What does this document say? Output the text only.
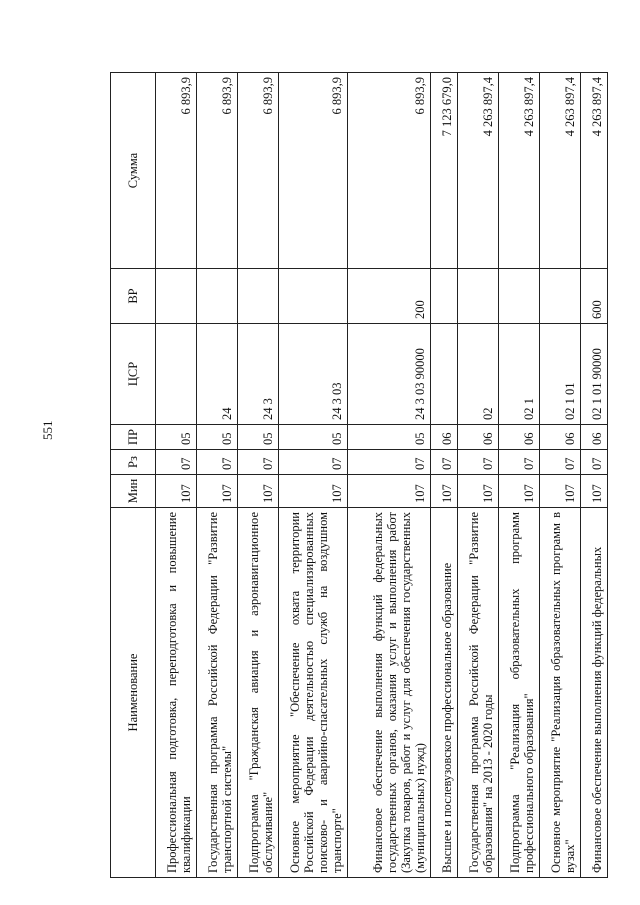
551
Наименование	Мин	Рз	ПР	ЦСР	ВР	Сумма
Профессиональная подготовка, переподготовка и повышение квалификации	107	07	05			6 893,9
Государственная программа Российской Федерации "Развитие транспортной системы"	107	07	05	24		6 893,9
Подпрограмма "Гражданская авиация и аэронавигационное обслуживание"	107	07	05	24 3		6 893,9
Основное мероприятие "Обеспечение охвата территории Российской Федерации деятельностью специализированных поисково- и аварийно-спасательных служб на воздушном транспорте"	107	07	05	24 3 03		6 893,9
Финансовое обеспечение выполнения функций федеральных государственных органов, оказания услуг и выполнения работ (Закупка товаров, работ и услуг для обеспечения государственных (муниципальных) нужд)	107	07	05	24 3 03 90000	200	6 893,9
Высшее и послевузовское профессиональное образование	107	07	06			7 123 679,0
Государственная программа Российской Федерации "Развитие образования" на 2013 - 2020 годы	107	07	06	02		4 263 897,4
Подпрограмма "Реализация образовательных программ профессионального образования"	107	07	06	02 1		4 263 897,4
Основное мероприятие "Реализация образовательных программ в вузах"	107	07	06	02 1 01		4 263 897,4
Финансовое обеспечение выполнения функций федеральных	107	07	06	02 1 01 90000	600	4 263 897,4
